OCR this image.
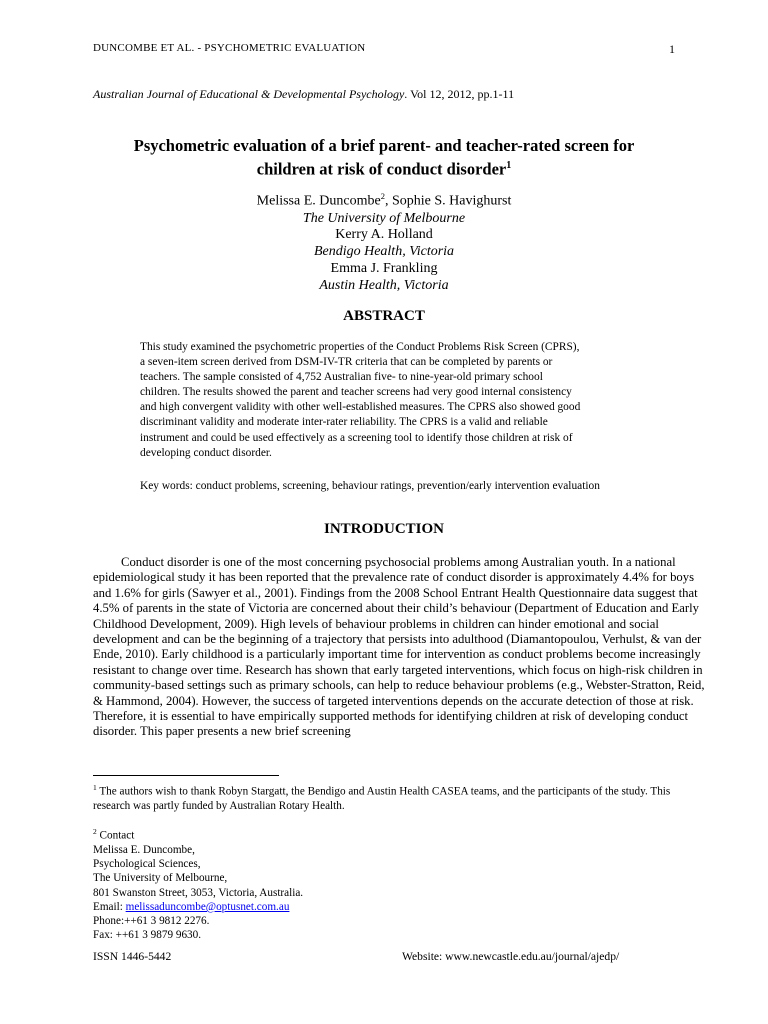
DUNCOMBE ET AL. - PSYCHOMETRIC EVALUATION	1
Australian Journal of Educational & Developmental Psychology. Vol 12, 2012, pp.1-11
Psychometric evaluation of a brief parent- and teacher-rated screen for
children at risk of conduct disorder$^1$
Melissa E. Duncombe$^2$, Sophie S. Havighurst
The University of Melbourne
Kerry A. Holland
Bendigo Health, Victoria
Emma J. Frankling
Austin Health, Victoria
ABSTRACT
This study examined the psychometric properties of the Conduct Problems Risk Screen (CPRS),
a seven-item screen derived from DSM-IV-TR criteria that can be completed by parents or
teachers. The sample consisted of 4,752 Australian five- to nine-year-old primary school
children. The results showed the parent and teacher screens had very good internal consistency
and high convergent validity with other well-established measures. The CPRS also showed good
discriminant validity and moderate inter-rater reliability. The CPRS is a valid and reliable
instrument and could be used effectively as a screening tool to identify those children at risk of
developing conduct disorder.
Key words: conduct problems, screening, behaviour ratings, prevention/early intervention evaluation
INTRODUCTION
Conduct disorder is one of the most concerning psychosocial problems among Australian youth. In a national epidemiological study it has been reported that the prevalence rate of conduct disorder is approximately 4.4% for boys and 1.6% for girls (Sawyer et al., 2001). Findings from the 2008 School Entrant Health Questionnaire data suggest that 4.5% of parents in the state of Victoria are concerned about their child’s behaviour (Department of Education and Early Childhood Development, 2009). High levels of behaviour problems in children can hinder emotional and social development and can be the beginning of a trajectory that persists into adulthood (Diamantopoulou, Verhulst, & van der Ende, 2010). Early childhood is a particularly important time for intervention as conduct problems become increasingly resistant to change over time. Research has shown that early targeted interventions, which focus on high-risk children in community-based settings such as primary schools, can help to reduce behaviour problems (e.g., Webster-Stratton, Reid, & Hammond, 2004). However, the success of targeted interventions depends on the accurate detection of those at risk. Therefore, it is essential to have empirically supported methods for identifying children at risk of developing conduct disorder. This paper presents a new brief screening
$^1$ The authors wish to thank Robyn Stargatt, the Bendigo and Austin Health CASEA teams, and the participants of the study. This research was partly funded by Australian Rotary Health.
$^2$ Contact
Melissa E. Duncombe,
Psychological Sciences,
The University of Melbourne,
801 Swanston Street, 3053, Victoria, Australia.
Email: melissaduncombe@optusnet.com.au
Phone:++61 3 9812 2276.
Fax: ++61 3 9879 9630.
ISSN 1446-5442	Website: www.newcastle.edu.au/journal/ajedp/
